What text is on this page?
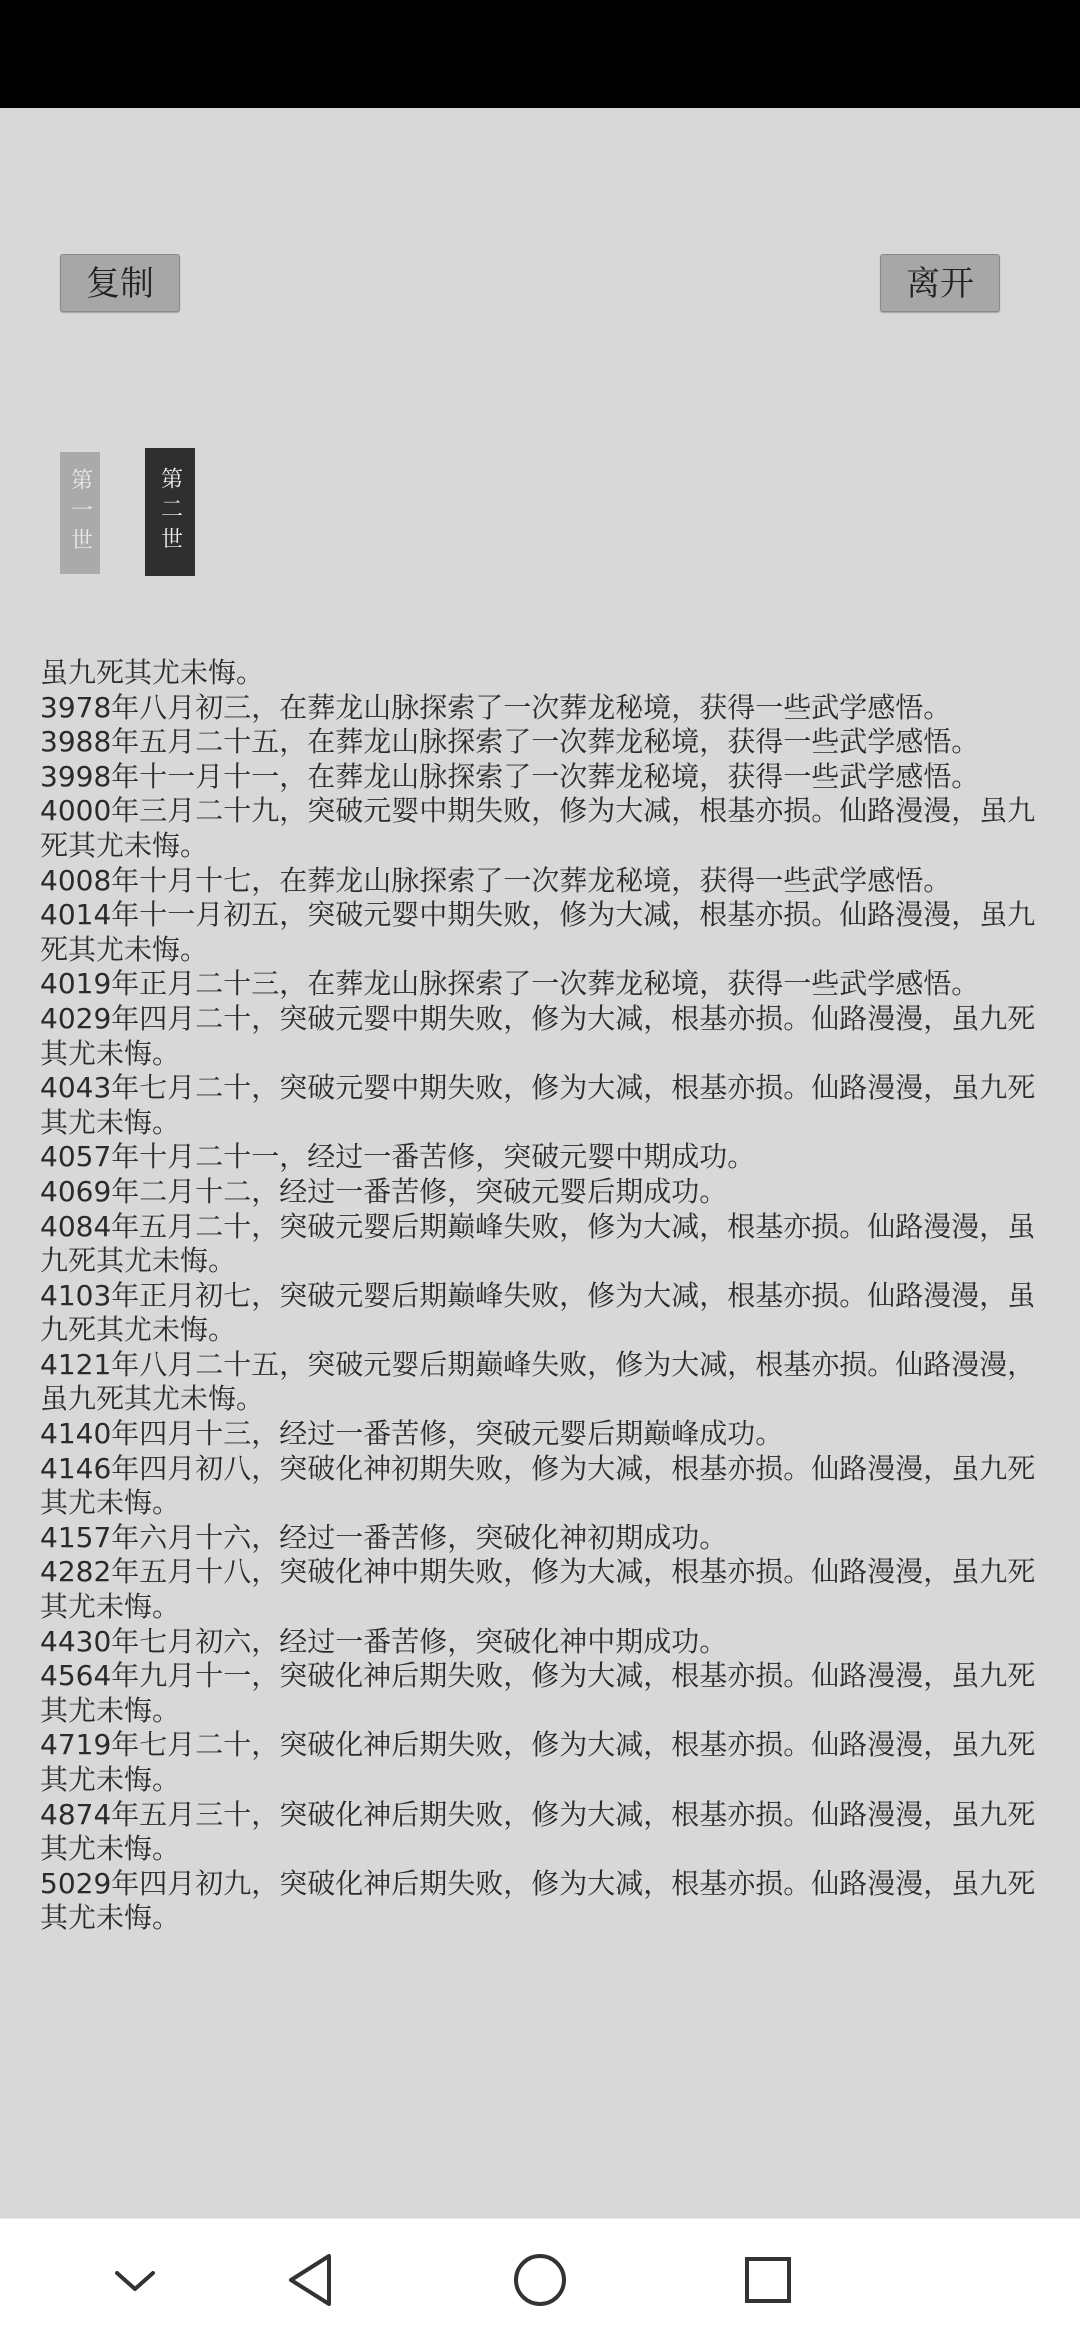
复制	离开
第一世	第二世
虽九死其尤未悔。
3978年八月初三，在葬龙山脉探索了一次葬龙秘境，获得一些武学感悟。
3988年五月二十五，在葬龙山脉探索了一次葬龙秘境，获得一些武学感悟。
3998年十一月十一，在葬龙山脉探索了一次葬龙秘境，获得一些武学感悟。
4000年三月二十九，突破元婴中期失败，修为大减，根基亦损。仙路漫漫，虽九死其尤未悔。
4008年十月十七，在葬龙山脉探索了一次葬龙秘境，获得一些武学感悟。
4014年十一月初五，突破元婴中期失败，修为大减，根基亦损。仙路漫漫，虽九死其尤未悔。
4019年正月二十三，在葬龙山脉探索了一次葬龙秘境，获得一些武学感悟。
4029年四月二十，突破元婴中期失败，修为大减，根基亦损。仙路漫漫，虽九死其尤未悔。
4043年七月二十，突破元婴中期失败，修为大减，根基亦损。仙路漫漫，虽九死其尤未悔。
4057年十月二十一，经过一番苦修，突破元婴中期成功。
4069年二月十二，经过一番苦修，突破元婴后期成功。
4084年五月二十，突破元婴后期巅峰失败，修为大减，根基亦损。仙路漫漫，虽九死其尤未悔。
4103年正月初七，突破元婴后期巅峰失败，修为大减，根基亦损。仙路漫漫，虽九死其尤未悔。
4121年八月二十五，突破元婴后期巅峰失败，修为大减，根基亦损。仙路漫漫，虽九死其尤未悔。
4140年四月十三，经过一番苦修，突破元婴后期巅峰成功。
4146年四月初八，突破化神初期失败，修为大减，根基亦损。仙路漫漫，虽九死其尤未悔。
4157年六月十六，经过一番苦修，突破化神初期成功。
4282年五月十八，突破化神中期失败，修为大减，根基亦损。仙路漫漫，虽九死其尤未悔。
4430年七月初六，经过一番苦修，突破化神中期成功。
4564年九月十一，突破化神后期失败，修为大减，根基亦损。仙路漫漫，虽九死其尤未悔。
4719年七月二十，突破化神后期失败，修为大减，根基亦损。仙路漫漫，虽九死其尤未悔。
4874年五月三十，突破化神后期失败，修为大减，根基亦损。仙路漫漫，虽九死其尤未悔。
5029年四月初九，突破化神后期失败，修为大减，根基亦损。仙路漫漫，虽九死其尤未悔。
